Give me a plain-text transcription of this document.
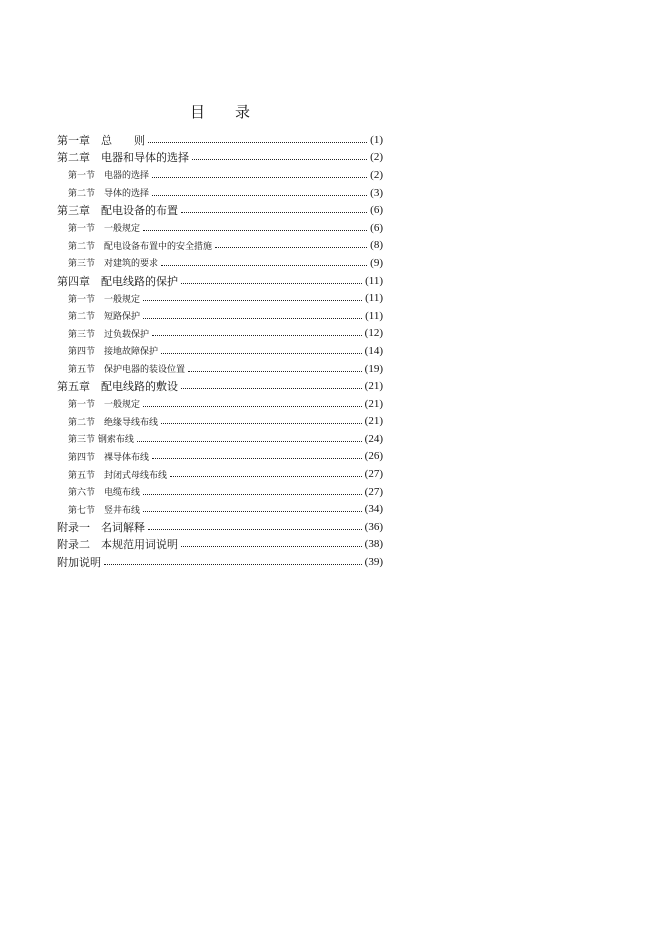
目　　录
第一章　总　　则	(1)
第二章　电器和导体的选择	(2)
第一节　电器的选择	(2)
第二节　导体的选择	(3)
第三章　配电设备的布置	(6)
第一节　一般规定	(6)
第二节　配电设备布置中的安全措施	(8)
第三节　对建筑的要求	(9)
第四章　配电线路的保护	(11)
第一节　一般规定	(11)
第二节　短路保护	(11)
第三节　过负载保护	(12)
第四节　接地故障保护	(14)
第五节　保护电器的装设位置	(19)
第五章　配电线路的敷设	(21)
第一节　一般规定	(21)
第二节　绝缘导线布线	(21)
第三节 钢索布线	(24)
第四节　裸导体布线	(26)
第五节　封闭式母线布线	(27)
第六节　电缆布线	(27)
第七节　竖井布线	(34)
附录一　名词解释	(36)
附录二　本规范用词说明	(38)
附加说明	(39)
